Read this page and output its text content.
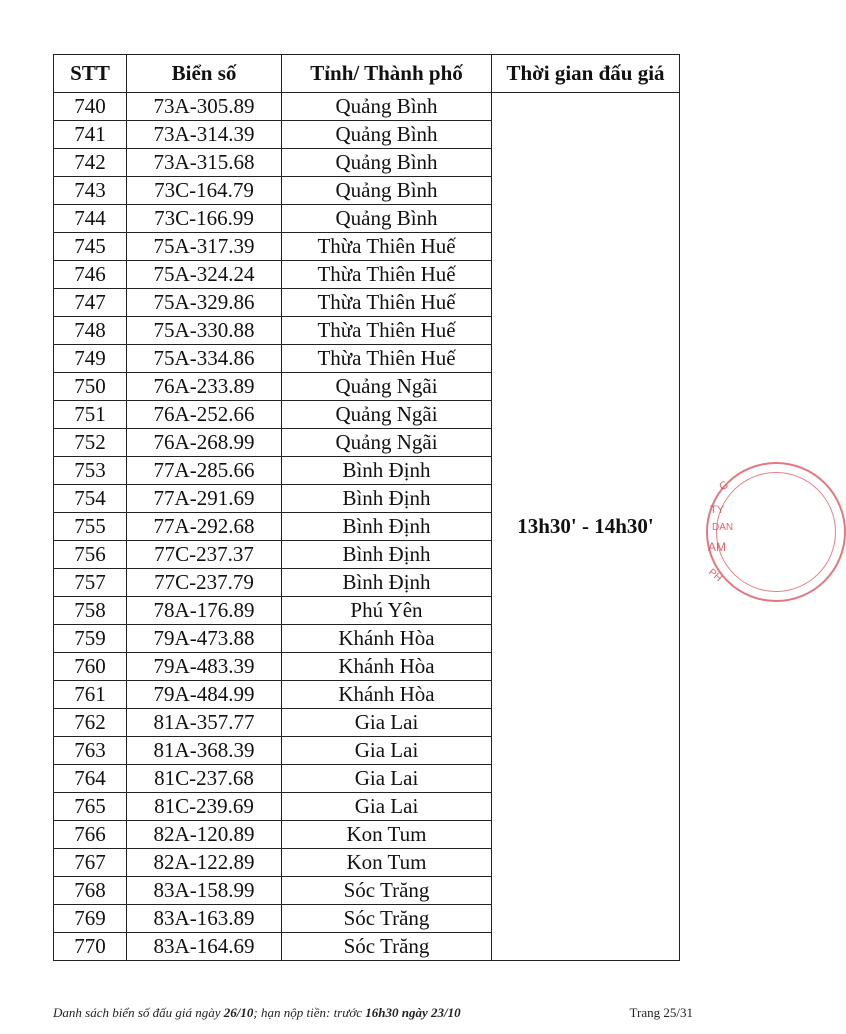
STT	Biển số	Tỉnh/ Thành phố	Thời gian đấu giá
740	73A-305.89	Quảng Bình	13h30' - 14h30'
741	73A-314.39	Quảng Bình	
742	73A-315.68	Quảng Bình	
743	73C-164.79	Quảng Bình	
744	73C-166.99	Quảng Bình	
745	75A-317.39	Thừa Thiên Huế	
746	75A-324.24	Thừa Thiên Huế	
747	75A-329.86	Thừa Thiên Huế	
748	75A-330.88	Thừa Thiên Huế	
749	75A-334.86	Thừa Thiên Huế	
750	76A-233.89	Quảng Ngãi	
751	76A-252.66	Quảng Ngãi	
752	76A-268.99	Quảng Ngãi	
753	77A-285.66	Bình Định	
754	77A-291.69	Bình Định	
755	77A-292.68	Bình Định	
756	77C-237.37	Bình Định	
757	77C-237.79	Bình Định	
758	78A-176.89	Phú Yên	
759	79A-473.88	Khánh Hòa	
760	79A-483.39	Khánh Hòa	
761	79A-484.99	Khánh Hòa	
762	81A-357.77	Gia Lai	
763	81A-368.39	Gia Lai	
764	81C-237.68	Gia Lai	
765	81C-239.69	Gia Lai	
766	82A-120.89	Kon Tum	
767	82A-122.89	Kon Tum	
768	83A-158.99	Sóc Trăng	
769	83A-163.89	Sóc Trăng	
770	83A-164.69	Sóc Trăng	
C
TY
DAN
AM
PH
Danh sách biển số đấu giá ngày 26/10; hạn nộp tiền: trước 16h30 ngày 23/10	Trang 25/31
